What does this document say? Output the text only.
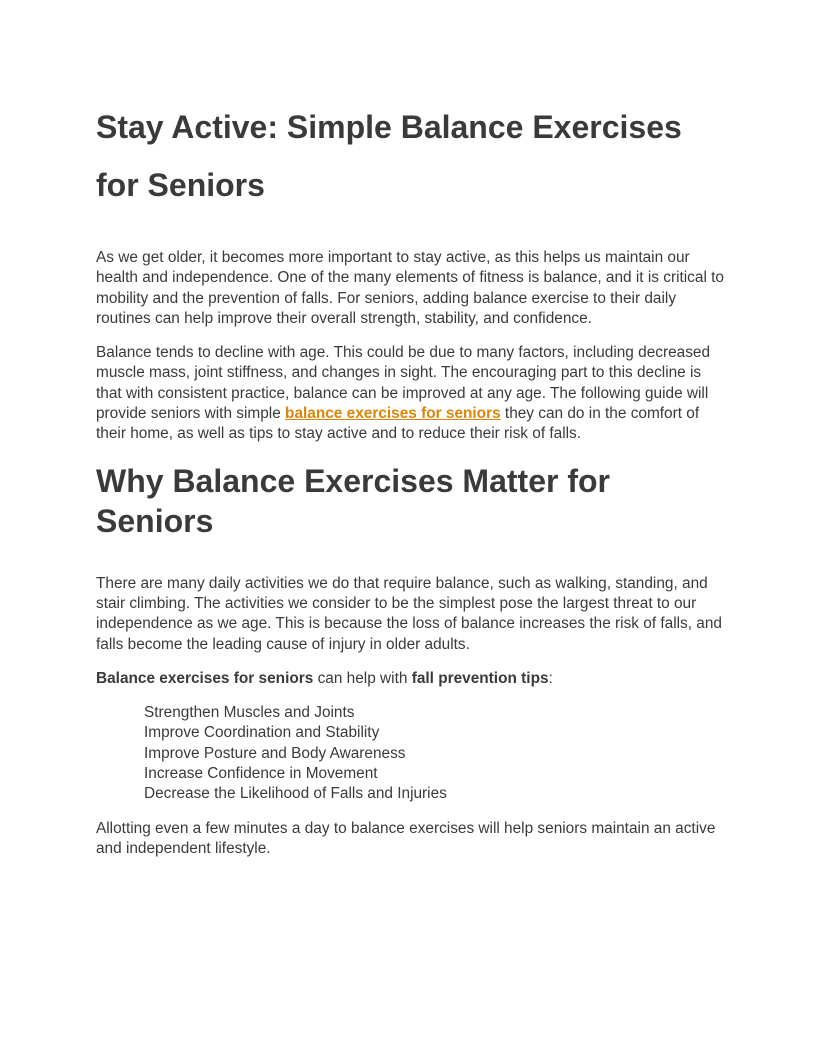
Stay Active: Simple Balance Exercises
for Seniors

As we get older, it becomes more important to stay active, as this helps us maintain our health and independence. One of the many elements of fitness is balance, and it is critical to mobility and the prevention of falls. For seniors, adding balance exercise to their daily routines can help improve their overall strength, stability, and confidence.

Balance tends to decline with age. This could be due to many factors, including decreased muscle mass, joint stiffness, and changes in sight. The encouraging part to this decline is that with consistent practice, balance can be improved at any age. The following guide will provide seniors with simple balance exercises for seniors they can do in the comfort of their home, as well as tips to stay active and to reduce their risk of falls.

Why Balance Exercises Matter for Seniors

There are many daily activities we do that require balance, such as walking, standing, and stair climbing. The activities we consider to be the simplest pose the largest threat to our independence as we age. This is because the loss of balance increases the risk of falls, and falls become the leading cause of injury in older adults.

Balance exercises for seniors can help with fall prevention tips:

Strengthen Muscles and Joints
Improve Coordination and Stability
Improve Posture and Body Awareness
Increase Confidence in Movement
Decrease the Likelihood of Falls and Injuries

Allotting even a few minutes a day to balance exercises will help seniors maintain an active and independent lifestyle.
